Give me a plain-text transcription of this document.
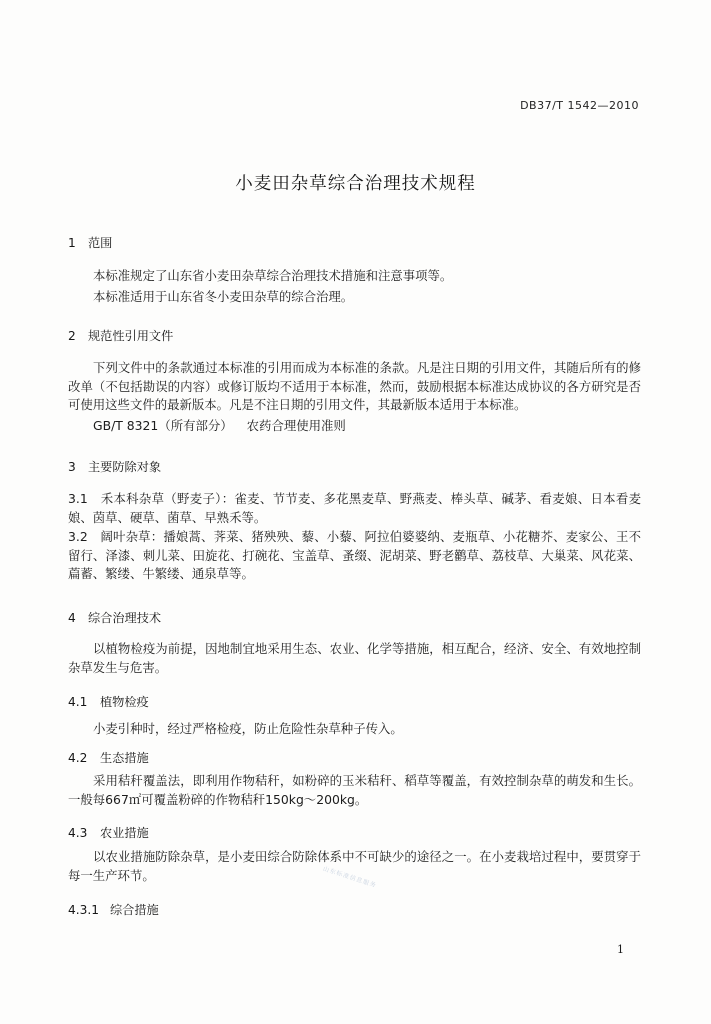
DB37/T 1542—2010
小麦田杂草综合治理技术规程
1 范围
本标准规定了山东省小麦田杂草综合治理技术措施和注意事项等。
本标准适用于山东省冬小麦田杂草的综合治理。
2 规范性引用文件
下列文件中的条款通过本标准的引用而成为本标准的条款。凡是注日期的引用文件，其随后所有的修改单（不包括勘误的内容）或修订版均不适用于本标准，然而，鼓励根据本标准达成协议的各方研究是否可使用这些文件的最新版本。凡是不注日期的引用文件，其最新版本适用于本标准。
GB/T 8321（所有部分） 农药合理使用准则
3 主要防除对象
3.1　禾本科杂草（野麦子）：雀麦、节节麦、多花黑麦草、野燕麦、棒头草、碱茅、看麦娘、日本看麦娘、茵草、硬草、菌草、早熟禾等。
3.2　阔叶杂草：播娘蒿、荠菜、猪殃殃、藜、小藜、阿拉伯婆婆纳、麦瓶草、小花糖芥、麦家公、王不留行、泽漆、刺儿菜、田旋花、打碗花、宝盖草、蚤缀、泥胡菜、野老鹳草、荔枝草、大巢菜、风花菜、萹蓄、繁缕、牛繁缕、通泉草等。
4 综合治理技术
以植物检疫为前提，因地制宜地采用生态、农业、化学等措施，相互配合，经济、安全、有效地控制杂草发生与危害。
4.1 植物检疫
小麦引种时，经过严格检疫，防止危险性杂草种子传入。
4.2 生态措施
采用秸秆覆盖法，即利用作物秸秆，如粉碎的玉米秸秆、稻草等覆盖，有效控制杂草的萌发和生长。一般每667㎡可覆盖粉碎的作物秸秆150kg～200kg。
4.3 农业措施
以农业措施防除杂草，是小麦田综合防除体系中不可缺少的途径之一。在小麦栽培过程中，要贯穿于每一生产环节。
4.3.1 综合措施
山东标准信息服务
1
